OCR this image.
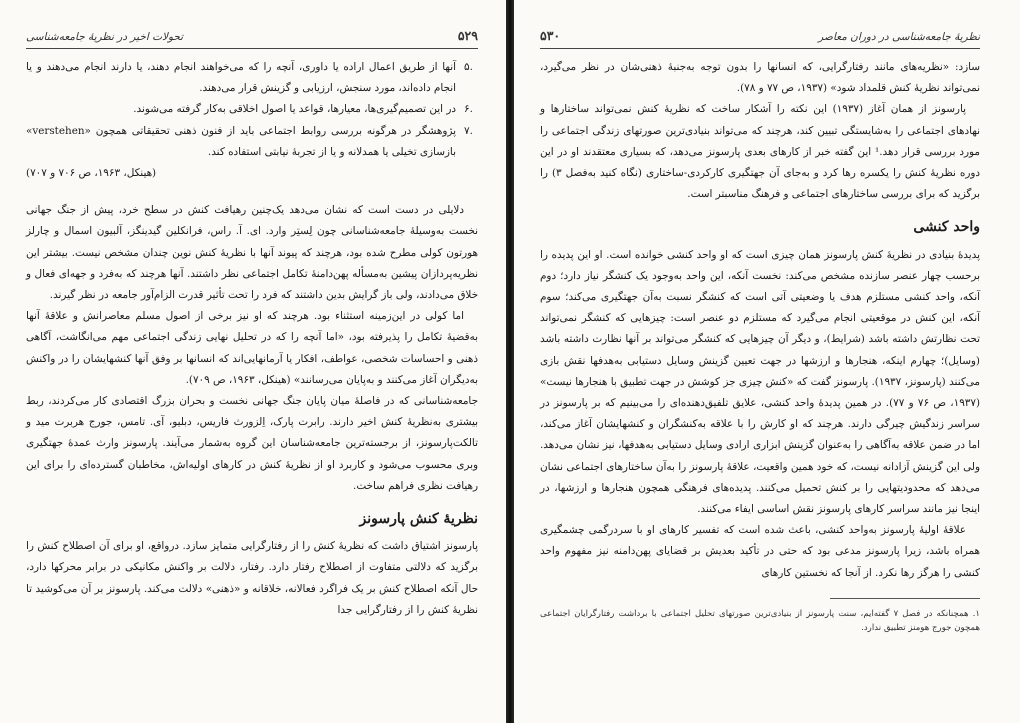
۵۲۹
تحولات اخیر در نظریهٔ جامعه‌شناسی
.۵
آنها از طریق اعمال اراده یا داوری، آنچه را که می‌خواهند انجام دهند، یا دارند انجام می‌دهند و یا انجام داده‌اند، مورد سنجش، ارزیابی و گزینش قرار می‌دهند.
.۶
در این تصمیم‌گیری‌ها، معیارها، قواعد یا اصول اخلاقی به‌کار گرفته می‌شوند.
.۷
پژوهشگر در هرگونه بررسی روابط اجتماعی باید از فنون ذهنی تحقیقاتی همچون «verstehen» بازسازی تخیلی یا همدلانه و یا از تجربهٔ نیابتی استفاده کند.
(هینکل، ۱۹۶۳، ص ۷۰۶ و ۷۰۷)

دلایلی در دست است که نشان می‌دهد یک‌چنین رهیافت کنش در سطح خرد، پیش از جنگ جهانی نخست به‌وسیلهٔ جامعه‌شناسانی چون لِستِر وارد. ای. آ. راس، فرانکلین گیدینگز، آلبیون اسمال و چارلز هورتون کولی مطرح شده بود، هرچند که پیوند آنها با نظریهٔ کنش نوین چندان مشخص نیست. بیشتر این نظریه‌پردازان پیشین به‌مسأله پهن‌دامنهٔ تکامل اجتماعی نظر داشتند. آنها هرچند که به‌فرد و جهه‌ای فعال و خلاق می‌دادند، ولی باز گرایش بدین داشتند که فرد را تحت تأثیر قدرت الزام‌آور جامعه در نظر گیرند.

اما کولی در این‌زمینه استثناء بود. هرچند که او نیز برخی از اصول مسلم معاصرانش و علاقهٔ آنها به‌قضیهٔ تکامل را پذیرفته بود، «اما آنچه را که در تحلیل نهایی زندگی اجتماعی مهم می‌انگاشت، آگاهی ذهنی و احساسات شخصی، عواطف، افکار یا آرمانهایی‌اند که انسانها بر وفق آنها کنشهایشان را در واکنش به‌دیگران آغاز می‌کنند و به‌پایان می‌رسانند» (هینکل، ۱۹۶۳، ص ۷۰۹).

جامعه‌شناسانی که در فاصلهٔ میان پایان جنگ جهانی نخست و بحران بزرگ اقتصادی کار می‌کردند، ربط بیشتری به‌نظریهٔ کنش اخیر دارند. رابرت پارک، اِلزورث فاریس، دبلیو، آی. تامس، جورج هربرت مید و تالکت‌پارسونز، از برجسته‌ترین جامعه‌شناسان این گروه به‌شمار می‌آیند. پارسونز وارث عمدهٔ جهتگیری وبری محسوب می‌شود و کاربرد او از نظریهٔ کنش در کارهای اولیه‌اش، مخاطبان گسترده‌ای را برای این رهیافت نظری فراهم ساخت.

نظریهٔ کنش پارسونز

پارسونز اشتیاق داشت که نظریهٔ کنش را از رفتارگرایی متمایز سازد. درواقع، او برای آن اصطلاح کنش را برگزید که دلالتی متفاوت از اصطلاح رفتار دارد. رفتار، دلالت بر واکنش مکانیکی در برابر محرکها دارد، حال آنکه اصطلاح کنش بر یک فراگرد فعالانه، خلاقانه و «ذهنی» دلالت می‌کند. پارسونز بر آن می‌کوشید تا نظریهٔ کنش را از رفتارگرایی جدا

نظریهٔ جامعه‌شناسی در دوران معاصر
۵۳۰

سازد: «نظریه‌های مانند رفتارگرایی، که انسانها را بدون توجه به‌جنبهٔ ذهنی‌شان در نظر می‌گیرد، نمی‌تواند نظریهٔ کنش قلمداد شود» (۱۹۳۷، ص ۷۷ و ۷۸).

پارسونز از همان آغاز (۱۹۳۷) این نکته را آشکار ساخت که نظریهٔ کنش نمی‌تواند ساختارها و نهادهای اجتماعی را به‌شایستگی تبیین کند، هرچند که می‌تواند بنیادی‌ترین صورتهای زندگی اجتماعی را مورد بررسی قرار دهد.¹ این گفته خبر از کارهای بعدی پارسونز می‌دهد، که بسیاری معتقدند او در این دوره نظریهٔ کنش را یکسره رها کرد و به‌جای آن جهتگیری کارکردی-ساختاری (نگاه کنید به‌فصل ۳) را برگزید که برای بررسی ساختارهای اجتماعی و فرهنگ مناسبتر است.

واحد کنشی

پدیدهٔ بنیادی در نظریهٔ کنش پارسونز همان چیزی است که او واحد کنشی خوانده است. او این پدیده را برحسب چهار عنصر سازنده مشخص می‌کند: نخست آنکه، این واحد به‌وجود یک کنشگر نیاز دارد؛ دوم آنکه، واحد کنشی مستلزم هدف یا وضعیتی آتی است که کنشگر نسبت به‌آن جهتگیری می‌کند؛ سوم آنکه، این کنش در موقعیتی انجام می‌گیرد که مستلزم دو عنصر است: چیزهایی که کنشگر نمی‌تواند تحت نظارتش داشته باشد (شرایط)، و دیگر آن چیزهایی که کنشگر می‌تواند بر آنها نظارت داشته باشد (وسایل)؛ چهارم اینکه، هنجارها و ارزشها در جهت تعیین گزینش وسایل دستیابی به‌هدفها نقش بازی می‌کنند (پارسونز، ۱۹۳۷). پارسونز گفت که «کنش چیزی جز کوشش در جهت تطبیق با هنجارها نیست» (۱۹۳۷، ص ۷۶ و ۷۷). در همین پدیدهٔ واحد کنشی، علایق تلفیق‌دهنده‌ای را می‌بینیم که بر پارسونز در سراسر زندگیش چیرگی دارند. هرچند که او کارش را با علاقه به‌کنشگران و کنشهایشان آغاز می‌کند، اما در ضمن علاقه به‌آگاهی را به‌عنوان گزینش ابزاری ارادی وسایل دستیابی به‌هدفها، نیز نشان می‌دهد. ولی این گزینش آزادانه نیست، که خود همین واقعیت، علاقهٔ پارسونز را به‌آن ساختارهای اجتماعی نشان می‌دهد که محدودیتهایی را بر کنش تحمیل می‌کنند. پدیده‌های فرهنگی همچون هنجارها و ارزشها، در اینجا نیز مانند سراسر کارهای پارسونز نقش اساسی ایفاء می‌کنند.

علاقهٔ اولیهٔ پارسونز به‌واحد کنشی، باعث شده است که تفسیر کارهای او با سردرگمی چشمگیری همراه باشد، زیرا پارسونز مدعی بود که حتی در تأکید بعدیش بر قضایای پهن‌دامنه نیز مفهوم واحد کنشی را هرگز رها نکرد. از آنجا که نخستین کارهای

۱. همچنانکه در فصل ۷ گفته‌ایم، سنت پارسونز از بنیادی‌ترین صورتهای تحلیل اجتماعی با برداشت رفتارگرایان اجتماعی همچون جورج هومنز تطبیق ندارد.
